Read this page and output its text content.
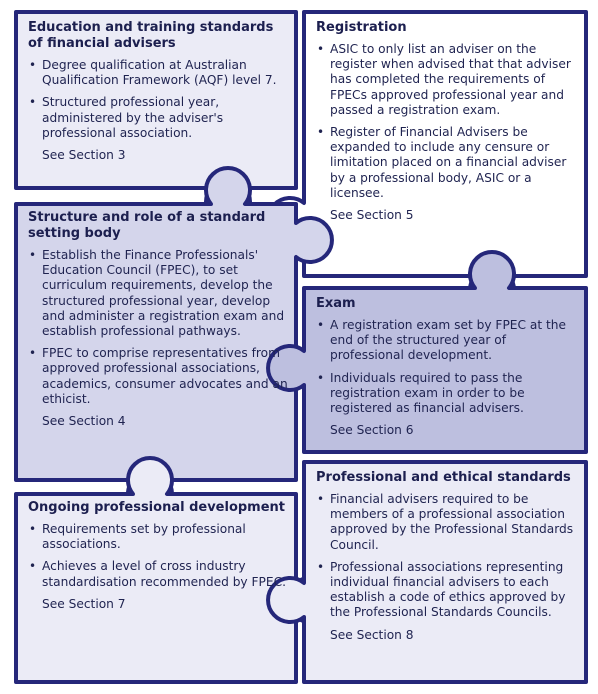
Education and training standards of financial advisers
• Degree qualification at Australian Qualification Framework (AQF) level 7.
• Structured professional year, administered by the adviser's professional association.
See Section 3
Registration
• ASIC to only list an adviser on the register when advised that that adviser has completed the requirements of FPECs approved professional year and passed a registration exam.
• Register of Financial Advisers be expanded to include any censure or limitation placed on a financial adviser by a professional body, ASIC or a licensee.
See Section 5
Structure and role of a standard setting body
• Establish the Finance Professionals' Education Council (FPEC), to set curriculum requirements, develop the structured professional year, develop and administer a registration exam and establish professional pathways.
• FPEC to comprise representatives from approved professional associations, academics, consumer advocates and an ethicist.
See Section 4
Exam
• A registration exam set by FPEC at the end of the structured year of professional development.
• Individuals required to pass the registration exam in order to be registered as financial advisers.
See Section 6
Ongoing professional development
• Requirements set by professional associations.
• Achieves a level of cross industry standardisation recommended by FPEC.
See Section 7
Professional and ethical standards
• Financial advisers required to be members of a professional association approved by the Professional Standards Council.
• Professional associations representing individual financial advisers to each establish a code of ethics approved by the Professional Standards Councils.
See Section 8
